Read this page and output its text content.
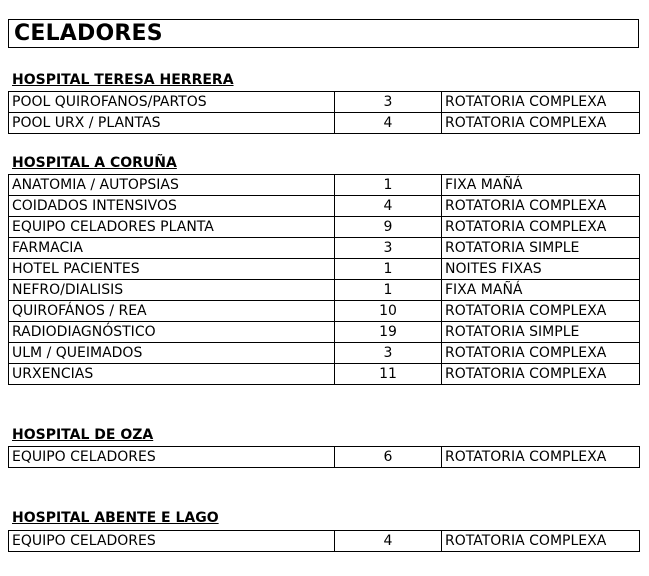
CELADORES
HOSPITAL TERESA HERRERA
POOL QUIROFANOS/PARTOS	3	ROTATORIA COMPLEXA
POOL URX / PLANTAS	4	ROTATORIA COMPLEXA
HOSPITAL A CORUÑA
ANATOMIA / AUTOPSIAS	1	FIXA MAÑÁ
COIDADOS INTENSIVOS	4	ROTATORIA COMPLEXA
EQUIPO CELADORES PLANTA	9	ROTATORIA COMPLEXA
FARMACIA	3	ROTATORIA SIMPLE
HOTEL PACIENTES	1	NOITES FIXAS
NEFRO/DIALISIS	1	FIXA MAÑÁ
QUIROFÁNOS / REA	10	ROTATORIA COMPLEXA
RADIODIAGNÓSTICO	19	ROTATORIA SIMPLE
ULM / QUEIMADOS	3	ROTATORIA COMPLEXA
URXENCIAS	11	ROTATORIA COMPLEXA
HOSPITAL DE OZA
EQUIPO CELADORES	6	ROTATORIA COMPLEXA
HOSPITAL ABENTE E LAGO
EQUIPO CELADORES	4	ROTATORIA COMPLEXA
